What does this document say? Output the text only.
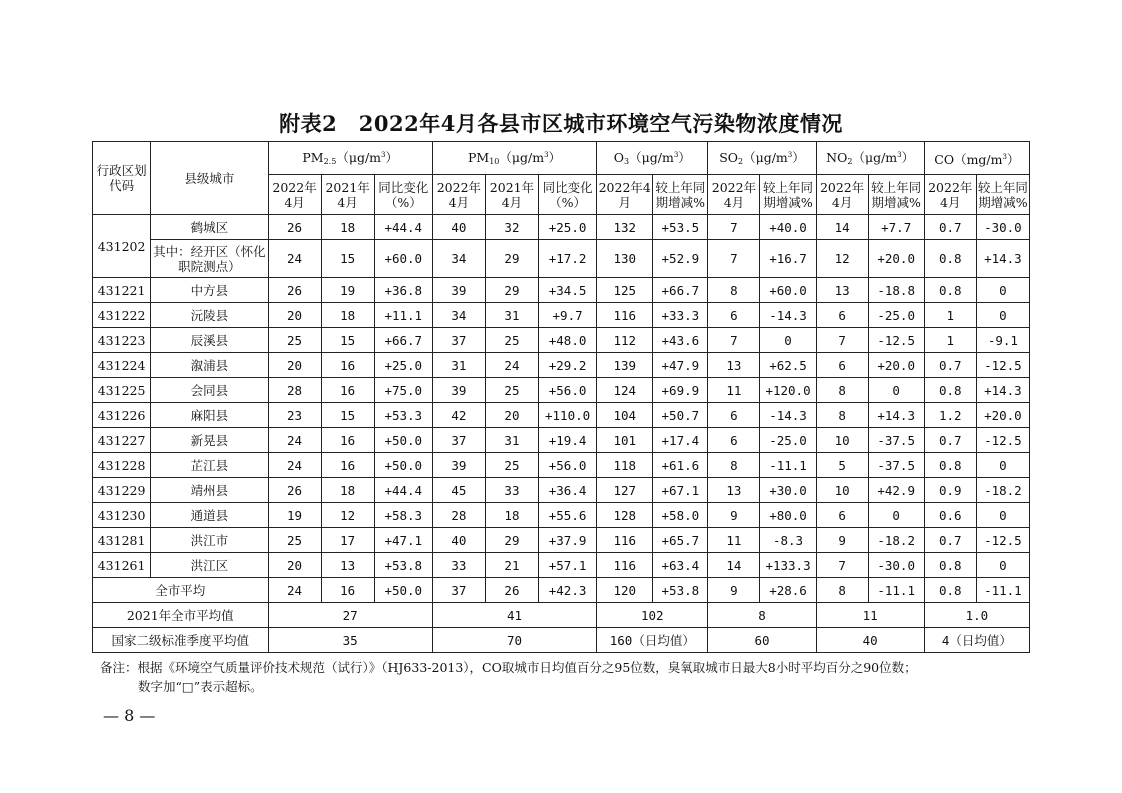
附表2　2022年4月各县市区城市环境空气污染物浓度情况
行政区划代码	县级城市	$PM_{2.5}(\mu g/m^3)$			$PM_{10}(\mu g/m^3)$			$O_3(\mu g/m^3)$		$SO_2(\mu g/m^3)$		$NO_2(\mu g/m^3)$		$CO(mg/m^3)$	
		2022年4月	2021年4月	同比变化（%）	2022年4月	2021年4月	同比变化（%）	2022年4月	较上年同期增减%	2022年4月	较上年同期增减%	2022年4月	较上年同期增减%	2022年4月	较上年同期增减%
431202	鹤城区	26	18	+44.4	40	32	+25.0	132	+53.5	7	+40.0	14	+7.7	0.7	-30.0
	其中：经开区（怀化职院测点）	24	15	+60.0	34	29	+17.2	130	+52.9	7	+16.7	12	+20.0	0.8	+14.3
431221	中方县	26	19	+36.8	39	29	+34.5	125	+66.7	8	+60.0	13	-18.8	0.8	0
431222	沅陵县	20	18	+11.1	34	31	+9.7	116	+33.3	6	-14.3	6	-25.0	1	0
431223	辰溪县	25	15	+66.7	37	25	+48.0	112	+43.6	7	0	7	-12.5	1	-9.1
431224	溆浦县	20	16	+25.0	31	24	+29.2	139	+47.9	13	+62.5	6	+20.0	0.7	-12.5
431225	会同县	28	16	+75.0	39	25	+56.0	124	+69.9	11	+120.0	8	0	0.8	+14.3
431226	麻阳县	23	15	+53.3	42	20	+110.0	104	+50.7	6	-14.3	8	+14.3	1.2	+20.0
431227	新晃县	24	16	+50.0	37	31	+19.4	101	+17.4	6	-25.0	10	-37.5	0.7	-12.5
431228	芷江县	24	16	+50.0	39	25	+56.0	118	+61.6	8	-11.1	5	-37.5	0.8	0
431229	靖州县	26	18	+44.4	45	33	+36.4	127	+67.1	13	+30.0	10	+42.9	0.9	-18.2
431230	通道县	19	12	+58.3	28	18	+55.6	128	+58.0	9	+80.0	6	0	0.6	0
431281	洪江市	25	17	+47.1	40	29	+37.9	116	+65.7	11	-8.3	9	-18.2	0.7	-12.5
431261	洪江区	20	13	+53.8	33	21	+57.1	116	+63.4	14	+133.3	7	-30.0	0.8	0
全市平均		24	16	+50.0	37	26	+42.3	120	+53.8	9	+28.6	8	-11.1	0.8	-11.1
2021年全市平均值		27			41			102		8		11		1.0	
国家二级标准季度平均值		35			70			160（日均值）		60		40		4（日均值）	
备注：根据《环境空气质量评价技术规范（试行）》（HJ633-2013），CO取城市日均值百分之95位数，臭氧取城市日最大8小时平均百分之90位数；
数字加“□”表示超标。
— 8 —
